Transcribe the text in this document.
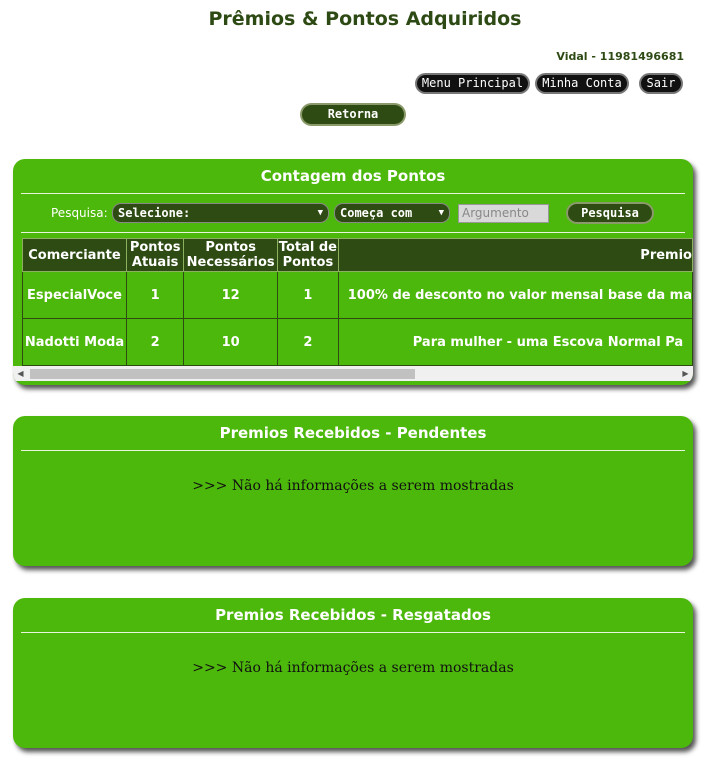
Prêmios & Pontos Adquiridos
Vidal - 11981496681
Menu Principal	Minha Conta	Sair
Retorna
Contagem dos Pontos
Pesquisa: Selecione:	▼	Começa com	▼	Argumento	Pesquisa
Comerciante	Pontos Atuais	Pontos Necessários	Total de Pontos	Premio
EspecialVoce	1	12	1	100% de desconto no valor mensal base da ma
Nadotti Moda	2	10	2	Para mulher - uma Escova Normal Pa
◀	▶
Premios Recebidos - Pendentes
>>> Não há informações a serem mostradas
Premios Recebidos - Resgatados
>>> Não há informações a serem mostradas
